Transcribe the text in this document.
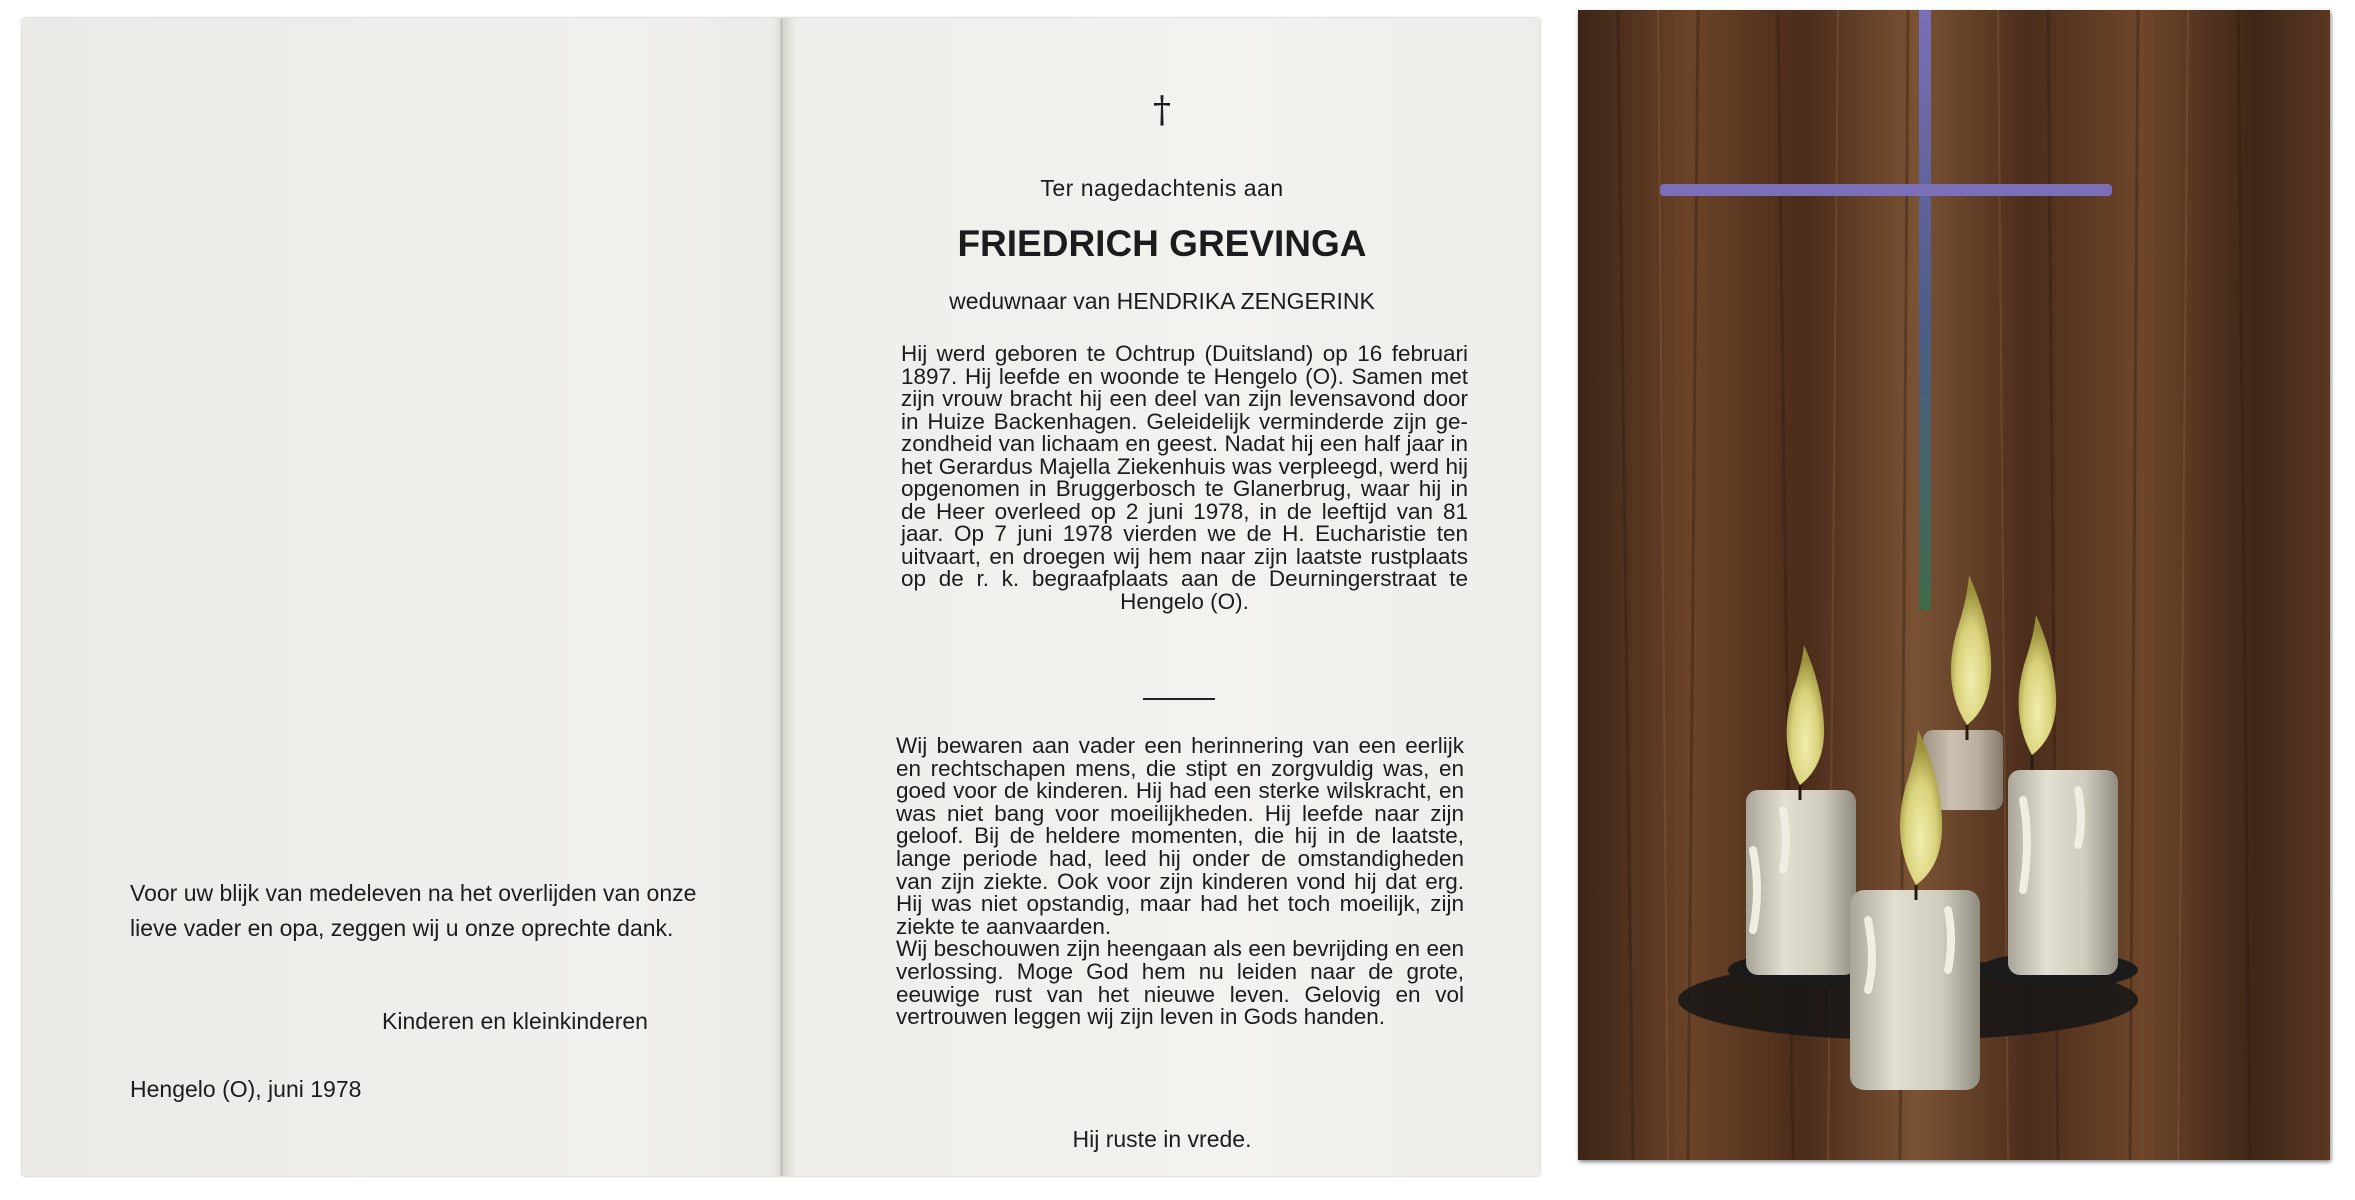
Voor uw blijk van medeleven na het overlijden van onze lieve vader en opa, zeggen wij u onze oprechte dank.

Kinderen en kleinkinderen

Hengelo (O), juni 1978

†

Ter nagedachtenis aan

FRIEDRICH GREVINGA

weduwnaar van HENDRIKA ZENGERINK

Hij werd geboren te Ochtrup (Duitsland) op 16 februari 1897. Hij leefde en woonde te Hengelo (O). Samen met zijn vrouw bracht hij een deel van zijn levensavond door in Huize Backenhagen. Geleidelijk verminderde zijn gezondheid van lichaam en geest. Nadat hij een half jaar in het Gerardus Majella Ziekenhuis was verpleegd, werd hij opgenomen in Bruggerbosch te Glanerbrug, waar hij in de Heer overleed op 2 juni 1978, in de leeftijd van 81 jaar. Op 7 juni 1978 vierden we de H. Eucharistie ten uitvaart, en droegen wij hem naar zijn laatste rustplaats op de r. k. begraafplaats aan de Deurningerstraat te Hengelo (O).

Wij bewaren aan vader een herinnering van een eerlijk en rechtschapen mens, die stipt en zorgvuldig was, en goed voor de kinderen. Hij had een sterke wilskracht, en was niet bang voor moeilijkheden. Hij leefde naar zijn geloof. Bij de heldere momenten, die hij in de laatste, lange periode had, leed hij onder de omstandigheden van zijn ziekte. Ook voor zijn kinderen vond hij dat erg. Hij was niet opstandig, maar had het toch moeilijk, zijn ziekte te aanvaarden.
Wij beschouwen zijn heengaan als een bevrijding en een verlossing. Moge God hem nu leiden naar de grote, eeuwige rust van het nieuwe leven. Gelovig en vol vertrouwen leggen wij zijn leven in Gods handen.

Hij ruste in vrede.
